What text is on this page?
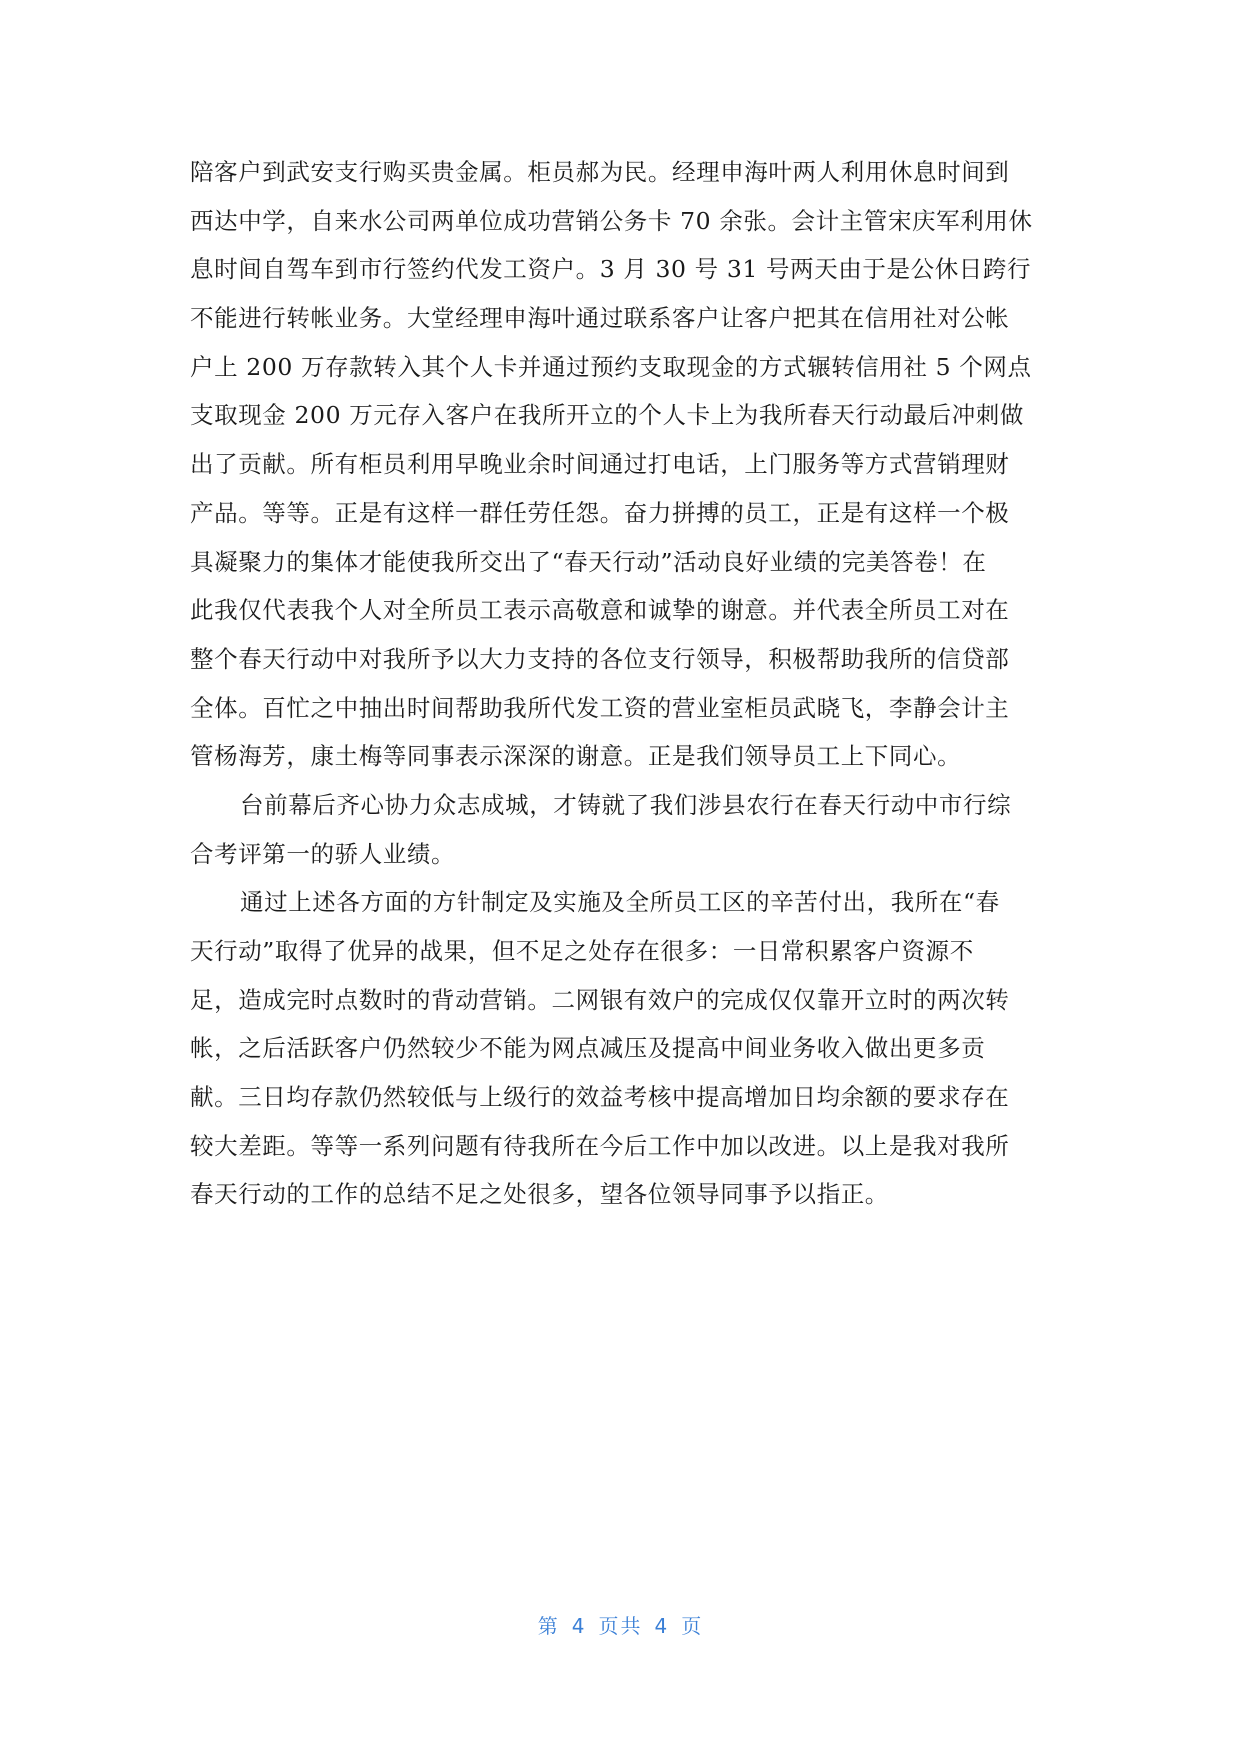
陪客户到武安支行购买贵金属。柜员郝为民。经理申海叶两人利用休息时间到
西达中学，自来水公司两单位成功营销公务卡 70 余张。会计主管宋庆军利用休
息时间自驾车到市行签约代发工资户。3 月 30 号 31 号两天由于是公休日跨行
不能进行转帐业务。大堂经理申海叶通过联系客户让客户把其在信用社对公帐
户上 200 万存款转入其个人卡并通过预约支取现金的方式辗转信用社 5 个网点
支取现金 200 万元存入客户在我所开立的个人卡上为我所春天行动最后冲刺做
出了贡献。所有柜员利用早晚业余时间通过打电话，上门服务等方式营销理财
产品。等等。正是有这样一群任劳任怨。奋力拼搏的员工，正是有这样一个极
具凝聚力的集体才能使我所交出了“春天行动”活动良好业绩的完美答卷！在
此我仅代表我个人对全所员工表示高敬意和诚挚的谢意。并代表全所员工对在
整个春天行动中对我所予以大力支持的各位支行领导，积极帮助我所的信贷部
全体。百忙之中抽出时间帮助我所代发工资的营业室柜员武晓飞，李静会计主
管杨海芳，康土梅等同事表示深深的谢意。正是我们领导员工上下同心。
台前幕后齐心协力众志成城，才铸就了我们涉县农行在春天行动中市行综
合考评第一的骄人业绩。
通过上述各方面的方针制定及实施及全所员工区的辛苦付出，我所在“春
天行动”取得了优异的战果，但不足之处存在很多：一日常积累客户资源不
足，造成完时点数时的背动营销。二网银有效户的完成仅仅靠开立时的两次转
帐，之后活跃客户仍然较少不能为网点减压及提高中间业务收入做出更多贡
献。三日均存款仍然较低与上级行的效益考核中提高增加日均余额的要求存在
较大差距。等等一系列问题有待我所在今后工作中加以改进。以上是我对我所
春天行动的工作的总结不足之处很多，望各位领导同事予以指正。
第 4 页共 4 页
